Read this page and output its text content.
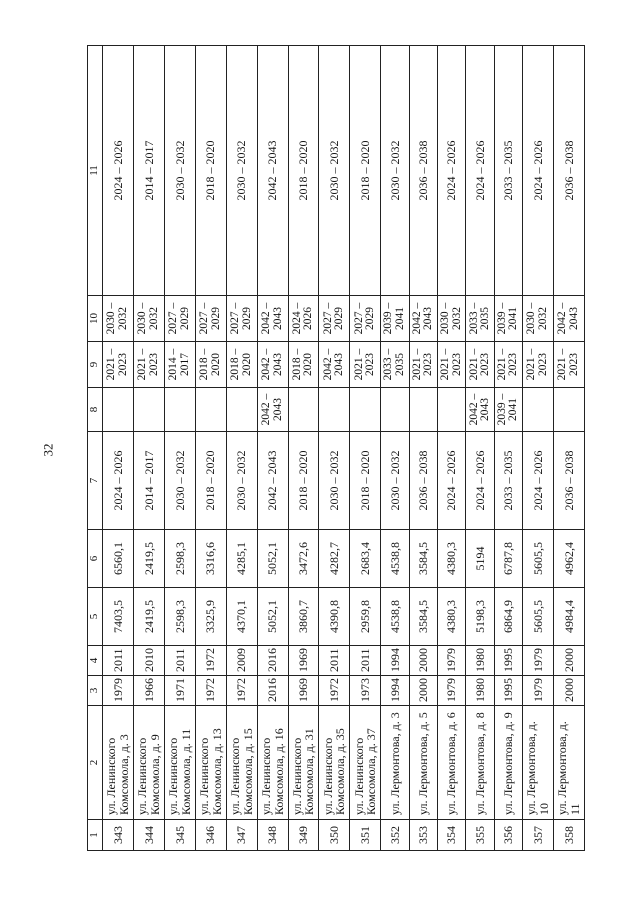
32
1	2	3	4	5	6	7	8	9	10	11
343	ул. Ленинского Комсомола, д. 3	1979	2011	7403,5	6560,1	2024 – 2026		2021 – 2023	2030 – 2032	2024 – 2026
344	ул. Ленинского Комсомола, д. 9	1966	2010	2419,5	2419,5	2014 – 2017		2021 – 2023	2030 – 2032	2014 – 2017
345	ул. Ленинского Комсомола, д. 11	1971	2011	2598,3	2598,3	2030 – 2032		2014 – 2017	2027 – 2029	2030 – 2032
346	ул. Ленинского Комсомола, д. 13	1972	1972	3325,9	3316,6	2018 – 2020		2018 – 2020	2027 – 2029	2018 – 2020
347	ул. Ленинского Комсомола, д. 15	1972	2009	4370,1	4285,1	2030 – 2032		2018 – 2020	2027 – 2029	2030 – 2032
348	ул. Ленинского Комсомола, д. 16	2016	2016	5052,1	5052,1	2042 – 2043	2042 – 2043	2042 – 2043	2042 – 2043	2042 – 2043
349	ул. Ленинского Комсомола, д. 31	1969	1969	3860,7	3472,6	2018 – 2020		2018 – 2020	2024 – 2026	2018 – 2020
350	ул. Ленинского Комсомола, д. 35	1972	2011	4390,8	4282,7	2030 – 2032		2042 – 2043	2027 – 2029	2030 – 2032
351	ул. Ленинского Комсомола, д. 37	1973	2011	2959,8	2683,4	2018 – 2020		2021 – 2023	2027 – 2029	2018 – 2020
352	ул. Лермонтова, д. 3	1994	1994	4538,8	4538,8	2030 – 2032		2033 – 2035	2039 – 2041	2030 – 2032
353	ул. Лермонтова, д. 5	2000	2000	3584,5	3584,5	2036 – 2038		2021 – 2023	2042 – 2043	2036 – 2038
354	ул. Лермонтова, д. 6	1979	1979	4380,3	4380,3	2024 – 2026		2021 – 2023	2030 – 2032	2024 – 2026
355	ул. Лермонтова, д. 8	1980	1980	5198,3	5194	2024 – 2026	2042 – 2043	2021 – 2023	2033 – 2035	2024 – 2026
356	ул. Лермонтова, д. 9	1995	1995	6864,9	6787,8	2033 – 2035	2039 – 2041	2021 – 2023	2039 – 2041	2033 – 2035
357	ул. Лермонтова, д. 10	1979	1979	5605,5	5605,5	2024 – 2026		2021 – 2023	2030 – 2032	2024 – 2026
358	ул. Лермонтова, д. 11	2000	2000	4984,4	4962,4	2036 – 2038		2021 – 2023	2042 – 2043	2036 – 2038
